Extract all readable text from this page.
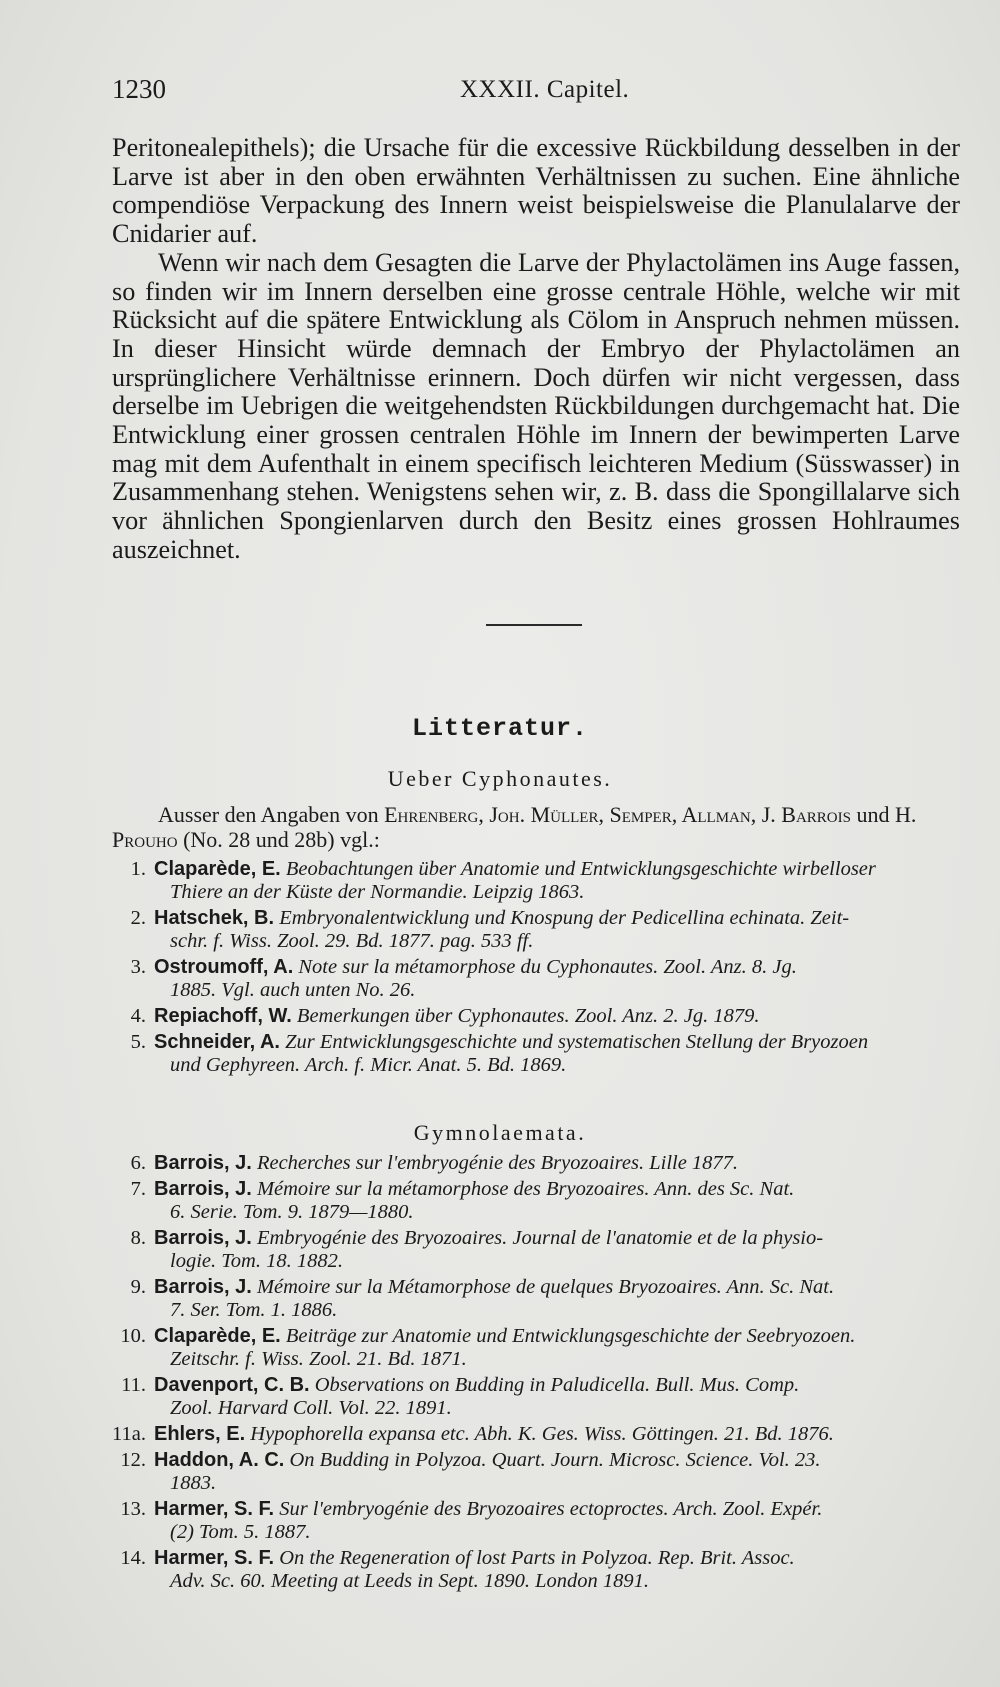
1230	XXXII. Capitel.

Peritonealepithels); die Ursache für die excessive Rückbildung desselben in der Larve ist aber in den oben erwähnten Verhältnissen zu suchen. Eine ähnliche compendiöse Verpackung des Innern weist beispielsweise die Planulalarve der Cnidarier auf.

Wenn wir nach dem Gesagten die Larve der Phylactolämen ins Auge fassen, so finden wir im Innern derselben eine grosse centrale Höhle, welche wir mit Rücksicht auf die spätere Entwicklung als Cölom in Anspruch nehmen müssen. In dieser Hinsicht würde demnach der Embryo der Phylactolämen an ursprünglichere Verhältnisse erinnern. Doch dürfen wir nicht vergessen, dass derselbe im Uebrigen die weitgehendsten Rückbildungen durchgemacht hat. Die Entwicklung einer grossen centralen Höhle im Innern der bewimperten Larve mag mit dem Aufenthalt in einem specifisch leichteren Medium (Süsswasser) in Zusammenhang stehen. Wenigstens sehen wir, z. B. dass die Spongillalarve sich vor ähnlichen Spongienlarven durch den Besitz eines grossen Hohlraumes auszeichnet.

Litteratur.
Ueber Cyphonautes.

Ausser den Angaben von Ehrenberg, Joh. Müller, Semper, Allman, J. Barrois und H. Prouho (No. 28 und 28b) vgl.:

1. Claparède, E. Beobachtungen über Anatomie und Entwicklungsgeschichte wirbelloser
Thiere an der Küste der Normandie. Leipzig 1863.
2. Hatschek, B. Embryonalentwicklung und Knospung der Pedicellina echinata. Zeit-
schr. f. Wiss. Zool. 29. Bd. 1877. pag. 533 ff.
3. Ostroumoff, A. Note sur la métamorphose du Cyphonautes. Zool. Anz. 8. Jg.
1885. Vgl. auch unten No. 26.
4. Repiachoff, W. Bemerkungen über Cyphonautes. Zool. Anz. 2. Jg. 1879.
5. Schneider, A. Zur Entwicklungsgeschichte und systematischen Stellung der Bryozoen
und Gephyreen. Arch. f. Micr. Anat. 5. Bd. 1869.
Gymnolaemata.
6. Barrois, J. Recherches sur l'embryogénie des Bryozoaires. Lille 1877.
7. Barrois, J. Mémoire sur la métamorphose des Bryozoaires. Ann. des Sc. Nat.
6. Serie. Tom. 9. 1879—1880.
8. Barrois, J. Embryogénie des Bryozoaires. Journal de l'anatomie et de la physio-
logie. Tom. 18. 1882.
9. Barrois, J. Mémoire sur la Métamorphose de quelques Bryozoaires. Ann. Sc. Nat.
7. Ser. Tom. 1. 1886.
10. Claparède, E. Beiträge zur Anatomie und Entwicklungsgeschichte der Seebryozoen.
Zeitschr. f. Wiss. Zool. 21. Bd. 1871.
11. Davenport, C. B. Observations on Budding in Paludicella. Bull. Mus. Comp.
Zool. Harvard Coll. Vol. 22. 1891.
11a. Ehlers, E. Hypophorella expansa etc. Abh. K. Ges. Wiss. Göttingen. 21. Bd. 1876.
12. Haddon, A. C. On Budding in Polyzoa. Quart. Journ. Microsc. Science. Vol. 23.
1883.
13. Harmer, S. F. Sur l'embryogénie des Bryozoaires ectoproctes. Arch. Zool. Expér.
(2) Tom. 5. 1887.
14. Harmer, S. F. On the Regeneration of lost Parts in Polyzoa. Rep. Brit. Assoc.
Adv. Sc. 60. Meeting at Leeds in Sept. 1890. London 1891.
